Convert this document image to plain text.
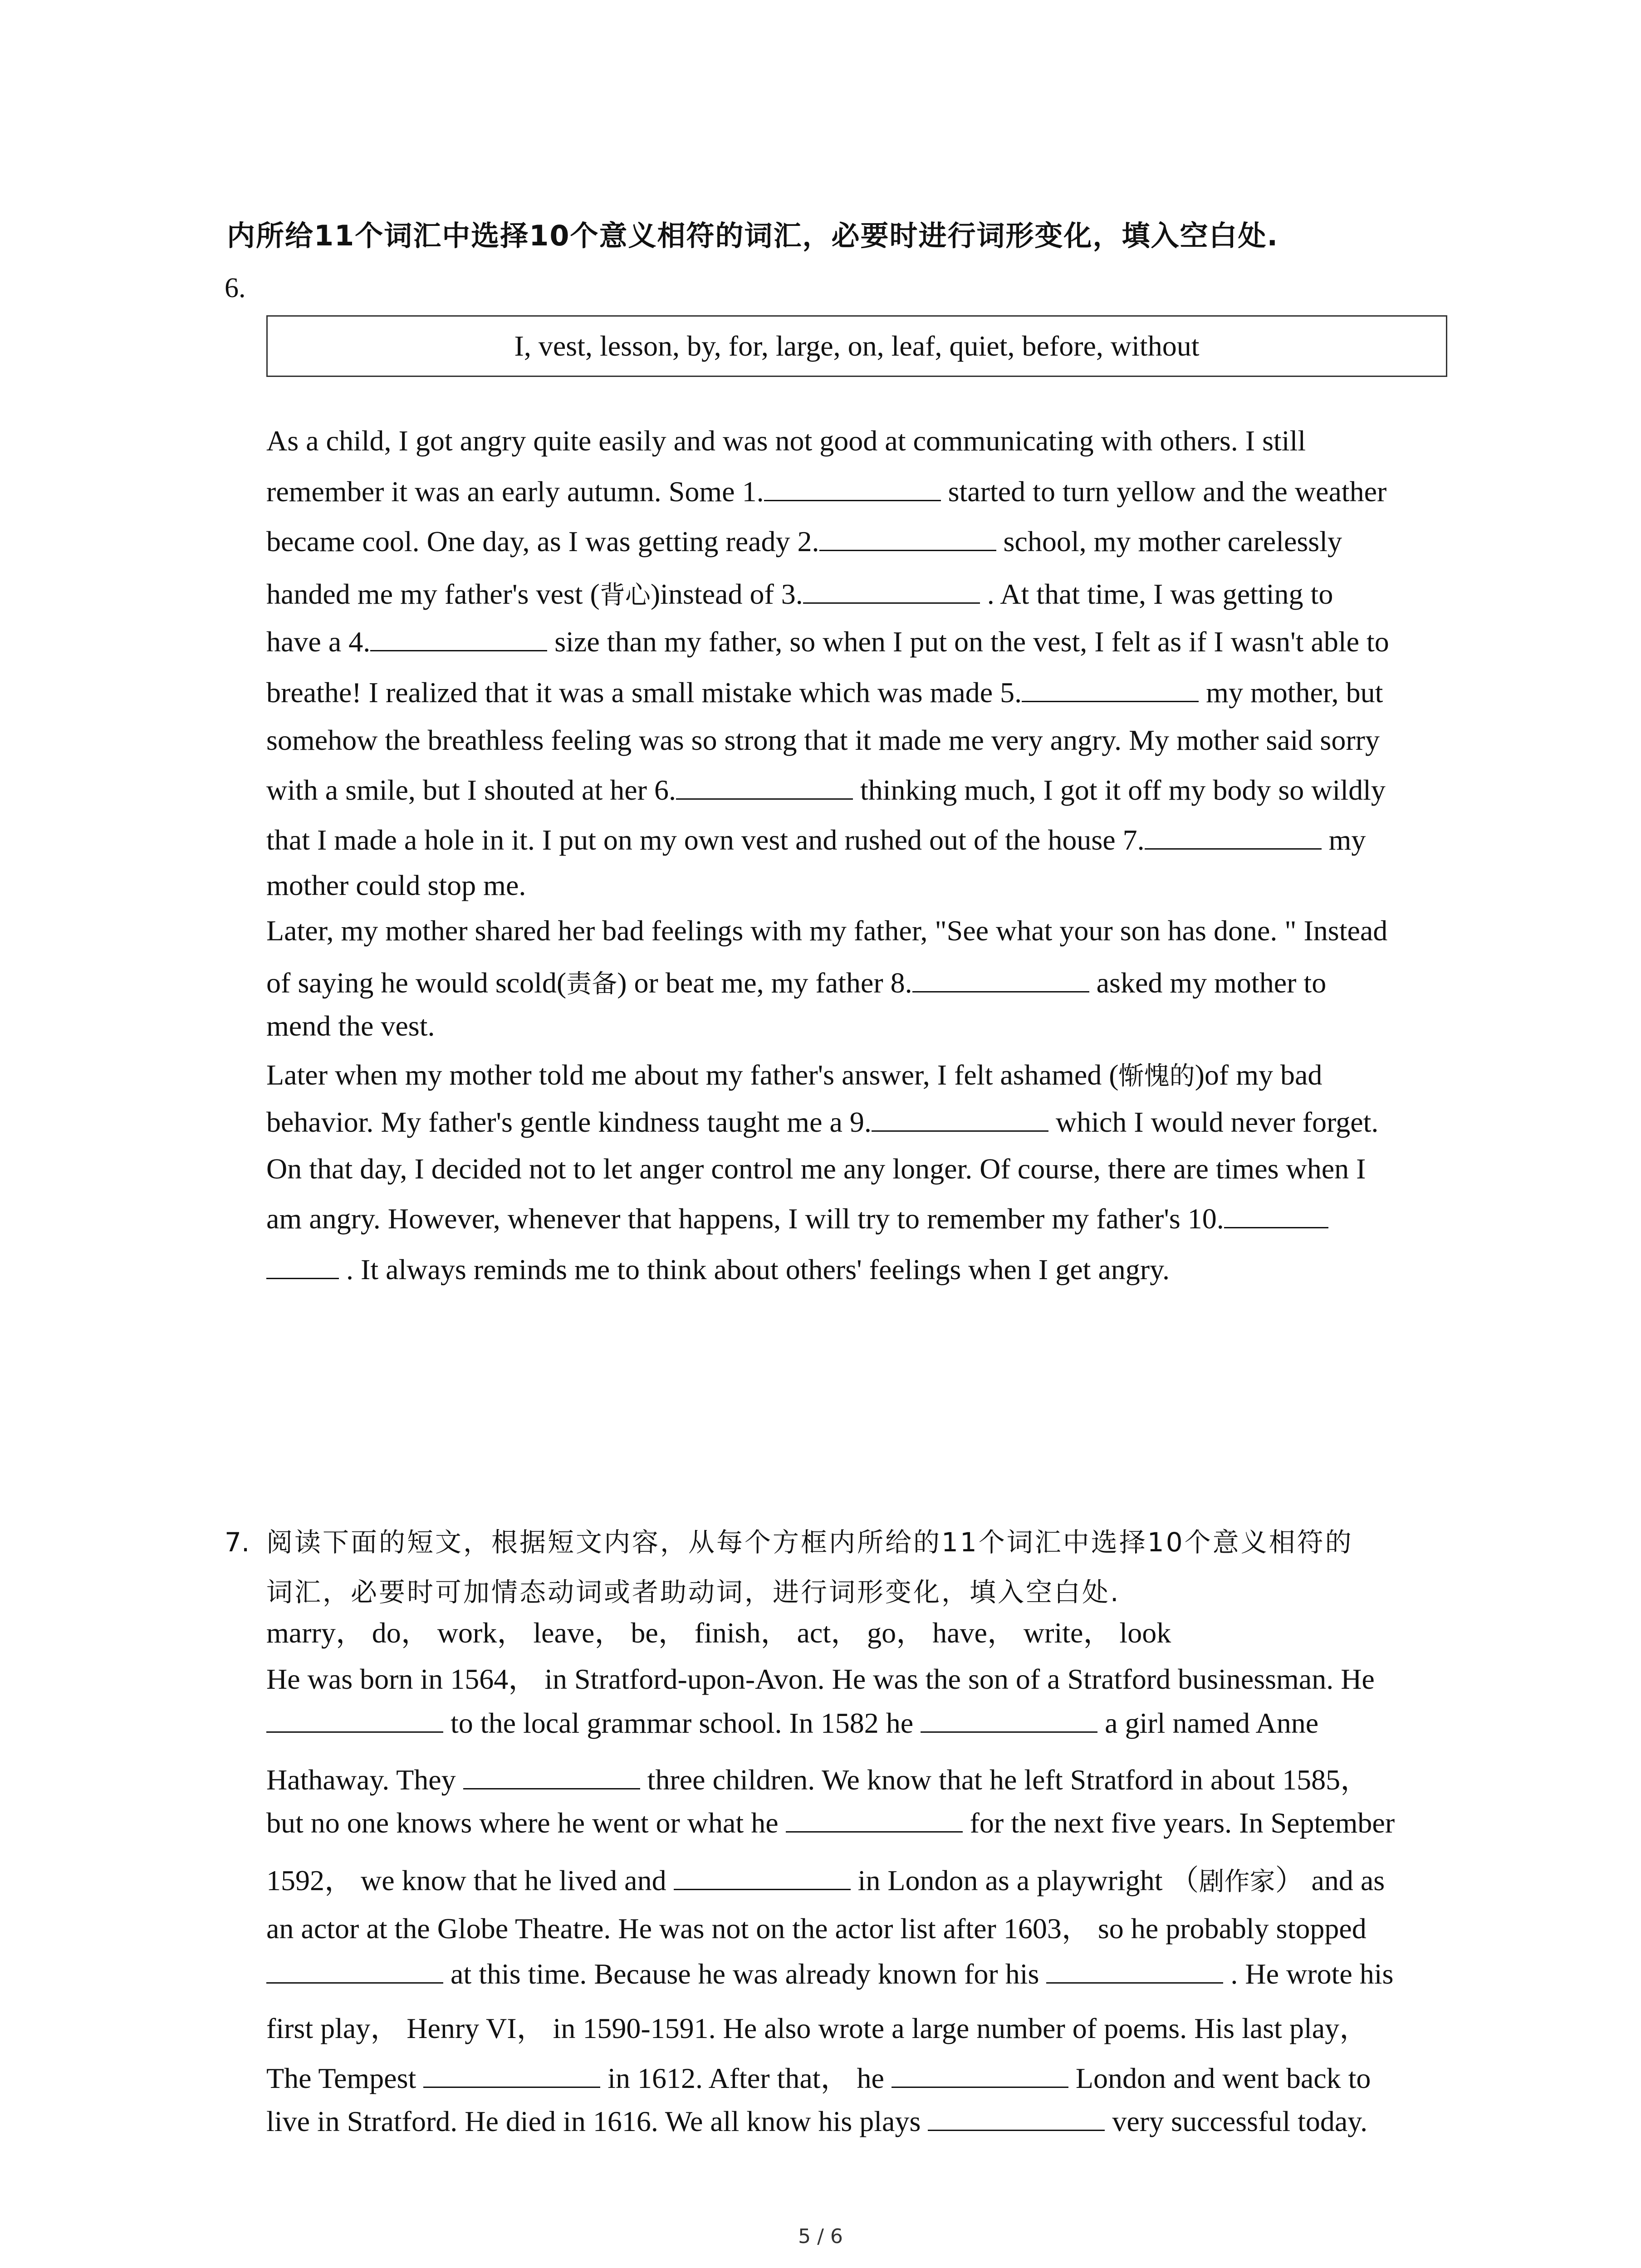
内所给11个词汇中选择10个意义相符的词汇，必要时进行词形变化，填入空白处.
6.
I, vest, lesson, by, for, large, on, leaf, quiet, before, without
As a child, I got angry quite easily and was not good at communicating with others. I still
remember it was an early autumn. Some 1.	started to turn yellow and the weather
became cool. One day, as I was getting ready 2.	school, my mother carelessly
handed me my father's vest (背心)instead of 3.	. At that time, I was getting to
have a 4.	size than my father, so when I put on the vest, I felt as if I wasn't able to
breathe! I realized that it was a small mistake which was made 5.	my mother, but
somehow the breathless feeling was so strong that it made me very angry. My mother said sorry
with a smile, but I shouted at her 6.	thinking much, I got it off my body so wildly
that I made a hole in it. I put on my own vest and rushed out of the house 7.	my
mother could stop me.
Later, my mother shared her bad feelings with my father, "See what your son has done. " Instead
of saying he would scold(责备) or beat me, my father 8.	asked my mother to
mend the vest.
Later when my mother told me about my father's answer, I felt ashamed (惭愧的)of my bad
behavior. My father's gentle kindness taught me a 9.	which I would never forget.
On that day, I decided not to let anger control me any longer. Of course, there are times when I
am angry. However, whenever that happens, I will try to remember my father's 10.
. It always reminds me to think about others' feelings when I get angry.
7. 阅读下面的短文，根据短文内容，从每个方框内所给的11个词汇中选择10个意义相符的
词汇，必要时可加情态动词或者助动词，进行词形变化，填入空白处.
marry， do， work， leave， be， finish， act， go， have， write， look
He was born in 1564， in Stratford-upon-Avon. He was the son of a Stratford businessman. He
to the local grammar school. In 1582 he	a girl named Anne
Hathaway. They	three children. We know that he left Stratford in about 1585，
but no one knows where he went or what he	for the next five years. In September
1592， we know that he lived and	in London as a playwright （剧作家） and as
an actor at the Globe Theatre. He was not on the actor list after 1603， so he probably stopped
at this time. Because he was already known for his	. He wrote his
first play， Henry VI， in 1590-1591. He also wrote a large number of poems. His last play，
The Tempest	in 1612. After that， he	London and went back to
live in Stratford. He died in 1616. We all know his plays	very successful today.
5 / 6
